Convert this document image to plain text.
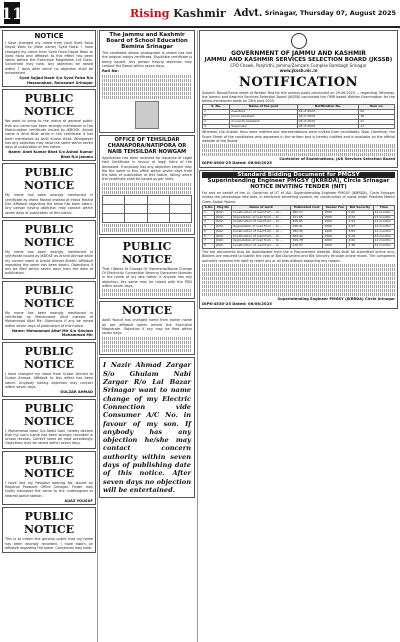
11	Rising Kashmir Advt. Srinagar, Thursday 07, August 2025
NOTICE
I have changed my name from (old) Syed Faiza Hayat Wani to (New name) Syed Faiza. I have changed my name from Syed Faiza Hayat Wani to Syed Faiza and affidavit to this effect has been sworn before the Executive Magistrate 1st Class. Concerned may note. Any objection be raised within 7 days after which no objection shall be entertained.
Syed Sajjad Nazir S/o Syed Faiza R/o Hassanabad, Rainawari Srinagar
PUBLIC NOTICE
We want to bring to the notice of general public that our name has been wrongly mentioned in the Matriculation certificate issued by JKBOSE. Actual name is Amit Bhat while in the certificate it has been mentioned as Amit Kumar Bhat. Whosoever has any objection may raise the same within seven days of publication of this notice.
Name: Amit Kumar Bhat S/o Ashok Kumar Bhat R/o Jammu
PUBLIC NOTICE
My name has been wrongly mentioned in certificate as Irfana Rashid instead of Irfana Rashid Dar. Affidavit regarding the same has been sworn. Any person having objection may contact within seven days of publication of this notice.
PUBLIC NOTICE
My name has been wrongly mentioned in certificate issued by JKBOSE as Arshid Ahmad while my correct name is Arshid Ahmad Sheikh. Affidavit regarding the same has been sworn. Objections if any be filed within seven days from the date of publication.
PUBLIC NOTICE
My name has been wrongly mentioned in certificate as Mohammad Altaf instead of Mohammad Altaf Mir. Objections if any be raised within seven days of publication of this notice.
Name: Mohammad Altaf Mir S/o Ghulam Mohammad Mir
PUBLIC NOTICE
I have changed my name from Gulzar Ahmed to Gulzar Ahmad. Affidavit to this effect has been sworn. Anybody having objection may contact within seven days.
GULZAR AHMAD
PUBLIC NOTICE
I, Mohammad Iqbal, S/o Abdul Gani, hereby declare that my son's name has been wrongly recorded in school records. Correct name be read accordingly. Objections may be raised within seven days.
PUBLIC NOTICE
I have lost my Passport bearing No. issued by Regional Passport Office Srinagar. Finder may kindly handover the same to the undersigned or nearest police station.
AIJAZ YOUSUF
PUBLIC NOTICE
This is to inform the general public that my name has been wrongly recorded. I have sworn an affidavit regarding the same. Concerned may note.
The Jammu and Kashmir Board of School Education Bemina Srinagar
The candidate whose photograph is shown has lost the original marks certificate. Duplicate certificate is being issued. Any person having objection may contact the Board within seven days.
Roll No:
OFFICE OF TEHSILDAR CHANAPORA/NATIPORA OR NAIB TEHSILDAR NOWGAM
Application has been received for issuance of Legal Heir Certificate in favour of legal heirs of the deceased. If anybody has any objection he/she may file the same in this office within seven days from the date of publication of this notice, failing which the certificate shall be issued as per rules.

PUBLIC NOTICE
That I Wants To Change Of Ownership/Name Change Of Electricity Connection Bearing Consumer Number in the name of my late father. If anyone has any objection, the same may be raised with the PDD within seven days.
NOTICE
Aadil Yousuf has changed name from earlier name as per affidavit sworn before the Executive Magistrate. Objection if any may be filed within seven days.
I Nazir Ahmad Zargar S/o Ghulam Nabi Zargar R/o Lal Bazar Srinagar want to name change of my Electric Connection vide Consumer A/C No. in favour of my son. If anybody has any objection he/she may contact concern authority within seven days of publishing date of this notice. After seven days no objection will be entertained.
GOVERNMENT OF JAMMU AND KASHMIR
JAMMU AND KASHMIR SERVICES SELECTION BOARD (JKSSB)
CPO Chowk, Panjtirthi, Jammu/Zamzam Complex Rambagh Srinagar
www.jkssb.nic.in
NOTIFICATION
Subject: Result/Score sheet of Written Test for the various posts conducted on 29.06.2025 — regarding. Whereas, the Jammu and Kashmir Services Selection Board (JKSSB) conducted the OMR based Written Examination for the below-mentioned posts on 29th June 2025.
S. No.	Name of the post	Notification No.	Item no.
1	Assistant	04 of 2024	09
2	Junior Assistant	04 of 2024	18
3	Accounts Assistant	04 of 2024	21
4	Supervisor	05 of 2024	11
Whereas, the Answer Keys were notified and representations were invited from candidates. Now, therefore, the Score Sheet of the candidates who appeared in the written test is hereby notified and is available on the official website of the Board.
Controller of Examinations, J&K Services Selection Board
DIPK-4500-25 Dated: 06/08/2025
Standard Bidding Document for PMGSY
Superintending Engineer PMGSY (JKRRDA), Circle Srinagar
NOTICE INVITING TENDER (NIT)
For and on behalf of the Lt. Governor of UT of J&K, Superintending Engineer PMGSY (JKRRDA), Circle Srinagar invites the percentage rate bids, in electronic tendering system, for construction of roads under Pradhan Mantri Gram Sadak Yojana.
S.No	Pkg No	Name of work	Estimated Cost	Tender Fee	Bid Security	Time
1	JK02-	Construction of road from ... to ...	282.17	1500	5.65	12 months
2	JK02-	Upgradation of road from ... to ...	311.65	1500	6.23	12 months
3	JK02-	Construction of road from ... to ...	226.85	1000	4.54	12 months
4	JK02-	Upgradation of road from ... to ...	298.41	1500	5.97	12 months
5	JK02-	Construction of road from ... to ...	182.45	1000	3.65	12 months
6	JK02-	Construction of road from ... to ...	264.42	1500	5.29	12 months
7	JK02-	Upgradation of road from ... to ...	199.78	1000	4.00	12 months
8	JK02-	Construction of road from ... to ...	218.97	1000	4.38	12 months
The bid documents may be downloaded from the e-Procurement website. Bids shall be submitted online only. Bidders are required to submit the cost of Bid Document and Bid Security through online mode. The competent authority reserves the right to reject any or all bids without assigning any reason.
Superintending Engineer PMGSY (JKRRDA) Circle Srinagar
DIPK-4530-25 Dated: 06/08/2025
